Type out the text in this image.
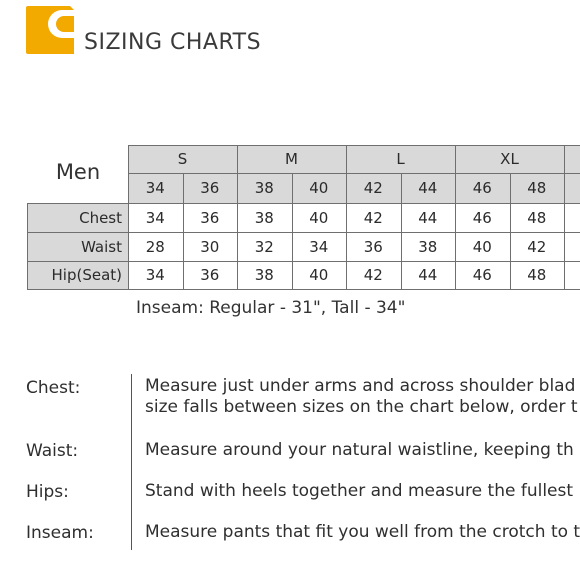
SIZING CHARTS
Men
S	M	L	XL
34	36	38	40	42	44	46	48
Chest	34	36	38	40	42	44	46	48
Waist	28	30	32	34	36	38	40	42
Hip(Seat)	34	36	38	40	42	44	46	48
Inseam: Regular - 31", Tall - 34"
Chest:	Measure just under arms and across shoulder blad
size falls between sizes on the chart below, order t
Waist:	Measure around your natural waistline, keeping th
Hips:	Stand with heels together and measure the fullest
Inseam:	Measure pants that fit you well from the crotch to t
